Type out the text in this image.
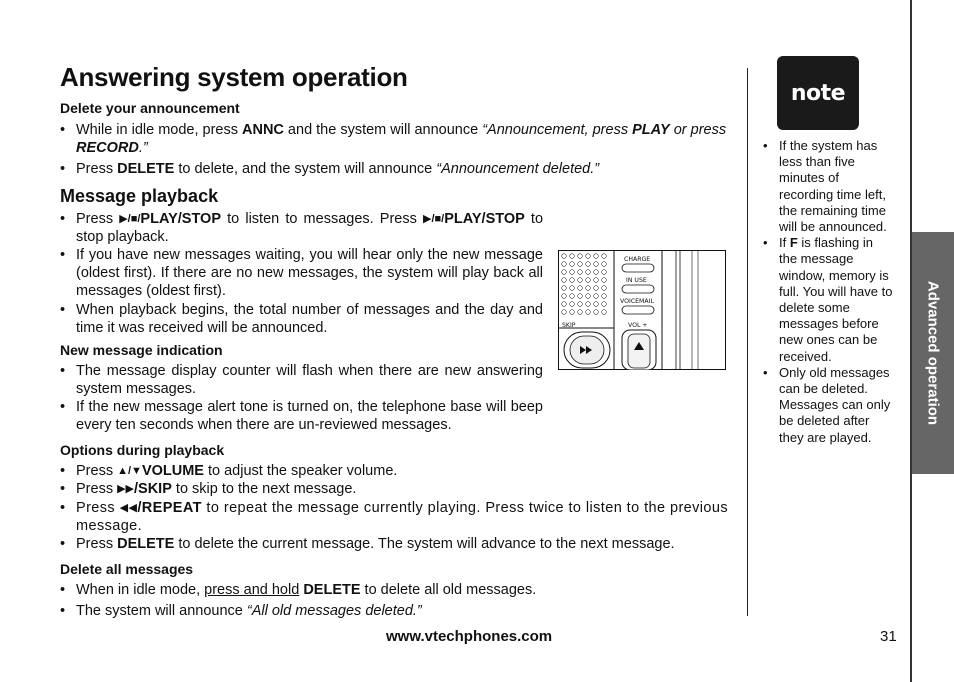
Advanced operation
Answering system operation
Delete your announcement
• While in idle mode, press ANNC and the system will announce “Announcement, press PLAY or press RECORD.”
• Press DELETE to delete, and the system will announce “Announcement deleted.”
Message playback
• Press ▶/■/PLAY/STOP to listen to messages. Press ▶/■/PLAY/STOP to stop playback.
• If you have new messages waiting, you will hear only the new message (oldest first). If there are no new messages, the system will play back all messages (oldest first).
• When playback begins, the total number of messages and the day and time it was received will be announced.
New message indication
• The message display counter will flash when there are new answering system messages.
• If the new message alert tone is turned on, the telephone base will beep every ten seconds when there are un-reviewed messages.
Options during playback
• Press ▲/▼VOLUME to adjust the speaker volume.
• Press ▶▶/SKIP to skip to the next message.
• Press ◀◀/REPEAT to repeat the message currently playing. Press twice to listen to the previous message.
• Press DELETE to delete the current message. The system will advance to the next message.
Delete all messages
• When in idle mode, press and hold DELETE to delete all old messages.
• The system will announce “All old messages deleted.”
SKIP
CHARGE
IN USE
VOICEMAIL
VOL +
note
• If the system has less than five minutes of recording time left, the remaining time will be announced.
• If F is flashing in the message window, memory is full. You will have to delete some messages before new ones can be received.
• Only old messages can be deleted. Messages can only be deleted after they are played.
www.vtechphones.com	31
